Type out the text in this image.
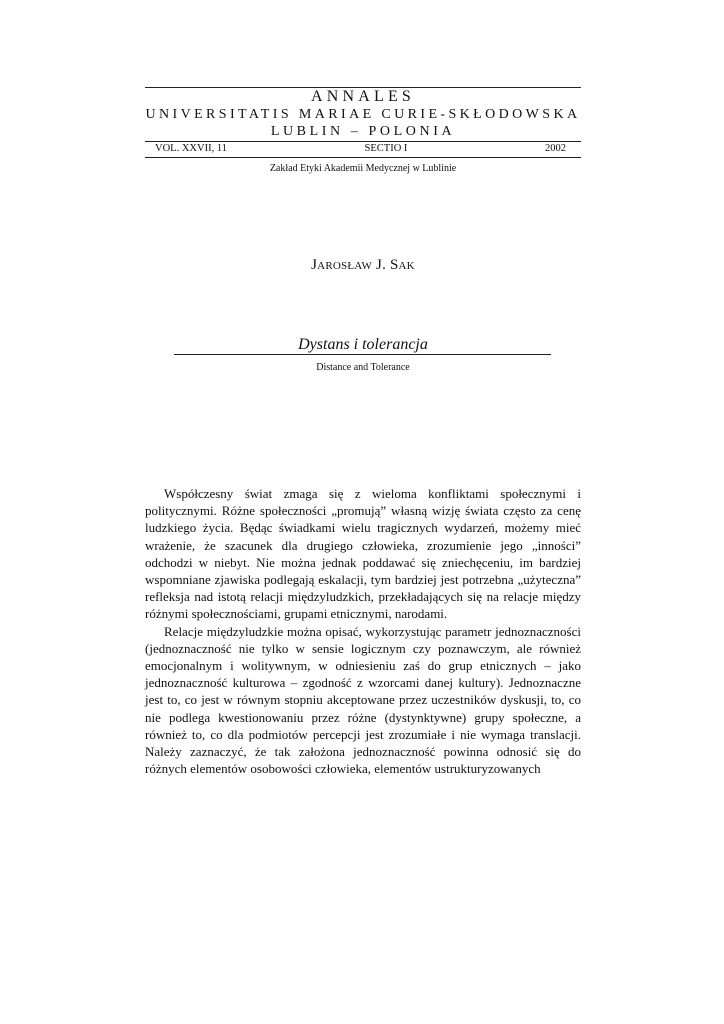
ANNALES
UNIVERSITATIS MARIAE CURIE-SKŁODOWSKA
LUBLIN – POLONIA
VOL. XXVII, 11	SECTIO I	2002
Zakład Etyki Akademii Medycznej w Lublinie
Jarosław J. Sak
Dystans i tolerancja
Distance and Tolerance

Współczesny świat zmaga się z wieloma konfliktami społecznymi i politycznymi. Różne społeczności „promują” własną wizję świata często za cenę ludzkiego życia. Będąc świadkami wielu tragicznych wydarzeń, możemy mieć wrażenie, że szacunek dla drugiego człowieka, zrozumienie jego „inności” odchodzi w niebyt. Nie można jednak poddawać się zniechęceniu, im bardziej wspomniane zjawiska podlegają eskalacji, tym bardziej jest potrzebna „użyteczna” refleksja nad istotą relacji międzyludzkich, przekładających się na relacje między różnymi społecznościami, grupami etnicznymi, narodami.

Relacje międzyludzkie można opisać, wykorzystując parametr jednoznaczności (jednoznaczność nie tylko w sensie logicznym czy poznawczym, ale również emocjonalnym i wolitywnym, w odniesieniu zaś do grup etnicznych – jako jednoznaczność kulturowa – zgodność z wzorcami danej kultury). Jednoznaczne jest to, co jest w równym stopniu akceptowane przez uczestników dyskusji, to, co nie podlega kwestionowaniu przez różne (dystynktywne) grupy społeczne, a również to, co dla podmiotów percepcji jest zrozumiałe i nie wymaga translacji. Należy zaznaczyć, że tak założona jednoznaczność powinna odnosić się do różnych elementów osobowości człowieka, elementów ustrukturyzowanych
